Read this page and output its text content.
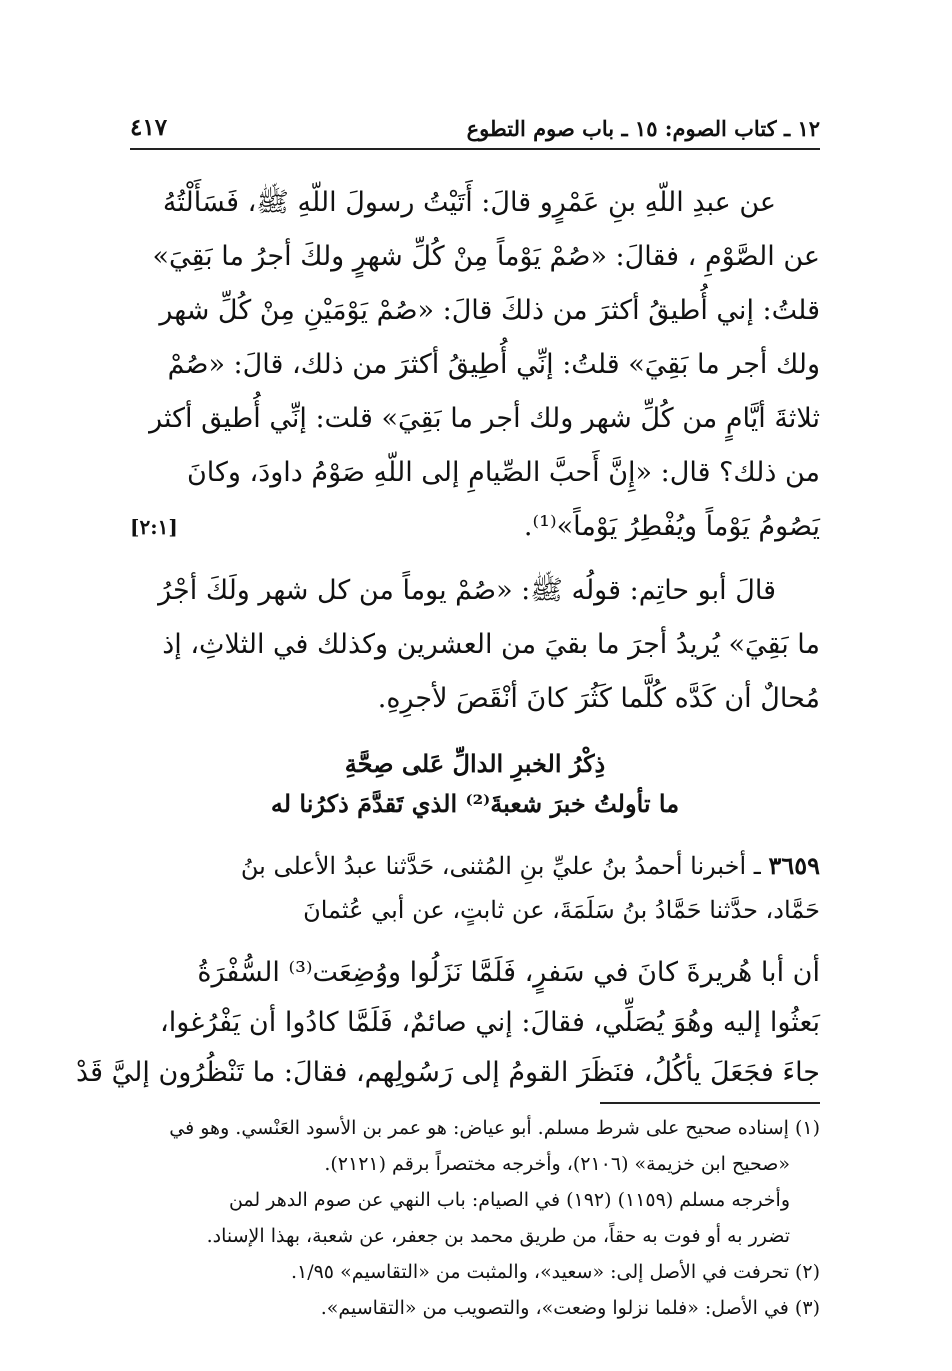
١٢ ـ كتاب الصوم: ١٥ ـ باب صوم التطوع
٤١٧
عن عبدِ اللّهِ بنِ عَمْرٍو قالَ: أَتَيْتُ رسولَ اللّهِ ﷺ، فَسَأَلْتُهُ
عن الصَّوْمِ ، فقالَ: «صُمْ يَوْماً مِنْ كُلِّ شهرٍ ولكَ أجرُ ما بَقِيَ»
قلتُ: إني أُطيقُ أكثرَ من ذلكَ قالَ: «صُمْ يَوْمَيْنِ مِنْ كُلِّ شهر
ولك أجر ما بَقِيَ» قلتُ: إنِّي أُطِيقُ أكثرَ من ذلك، قالَ: «صُمْ
ثلاثةَ أيَّامٍ من كُلِّ شهر ولك أجر ما بَقِيَ» قلت: إنِّي أُطيق أكثر
من ذلك؟ قال: «إِنَّ أَحبَّ الصِّيامِ إلى اللّهِ صَوْمُ داودَ، وكانَ
يَصُومُ يَوْماً ويُفْطِرُ يَوْماً»⁽¹⁾.
[٢:١]
قالَ أبو حاتِم: قولُه ﷺ: «صُمْ يوماً من كل شهر ولَكَ أجْرُ
ما بَقِيَ» يُريدُ أجرَ ما بقيَ من العشرين وكذلك في الثلاثِ، إذ
مُحالٌ أن كَدَّه كُلَّما كَثُرَ كانَ أنْقَصَ لأجرِهِ.
ذِكْرُ الخبرِ الدالِّ عَلى صِحَّةِ
ما تأولتُ خبرَ شعبةَ⁽²⁾ الذي تَقدَّمَ ذكرُنا له
٣٦٥٩ ـ أخبرنا أحمدُ بنُ عليِّ بنِ المُثنى، حَدَّثنا عبدُ الأعلى بنُ
حَمَّاد، حدَّثنا حَمَّادُ بنُ سَلَمَةَ، عن ثابتٍ، عن أبي عُثمانَ
أن أبا هُريرةَ كانَ في سَفرٍ، فَلَمَّا نَزَلُوا ووُضِعَت⁽³⁾ السُّفْرَةُ
بَعثُوا إليه وهُوَ يُصَلِّي، فقالَ: إني صائمٌ، فَلَمَّا كادُوا أن يَفْرُغوا،
جاءَ فجَعَلَ يأكُلُ، فنَظَرَ القومُ إلى رَسُولِهم، فقالَ: ما تَنْظُرُون إليَّ قَدْ
(١) إسناده صحيح على شرط مسلم. أبو عياض: هو عمر بن الأسود العَنْسي. وهو في
«صحيح ابن خزيمة» (٢١٠٦)، وأخرجه مختصراً برقم (٢١٢١).
وأخرجه مسلم (١١٥٩) (١٩٢) في الصيام: باب النهي عن صوم الدهر لمن
تضرر به أو فوت به حقاً، من طريق محمد بن جعفر، عن شعبة، بهذا الإسناد.
(٢) تحرفت في الأصل إلى: «سعيد»، والمثبت من «التقاسيم» ١/٩٥.
(٣) في الأصل: «فلما نزلوا وضعت»، والتصويب من «التقاسيم».
